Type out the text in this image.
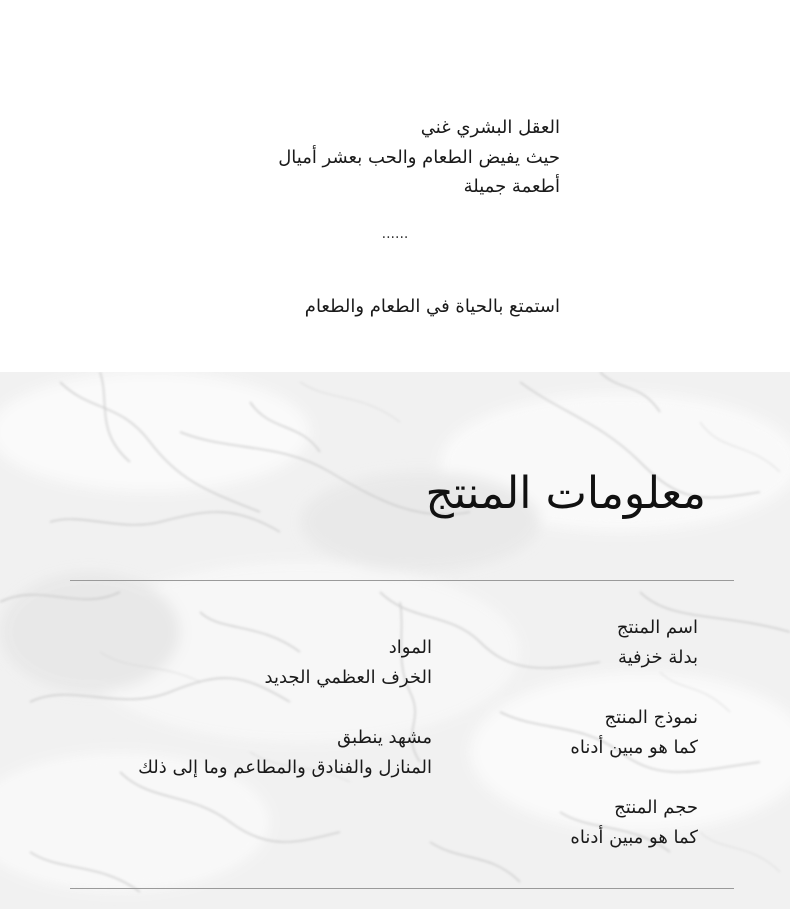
العقل البشري غني
حيث يفيض الطعام والحب بعشر أميال
أطعمة جميلة
......
استمتع بالحياة في الطعام والطعام
معلومات المنتج
اسم المنتج
بدلة خزفية
نموذج المنتج
كما هو مبين أدناه
حجم المنتج
كما هو مبين أدناه
المواد
الخرف العظمي الجديد
مشهد ينطبق
المنازل والفنادق والمطاعم وما إلى ذلك
